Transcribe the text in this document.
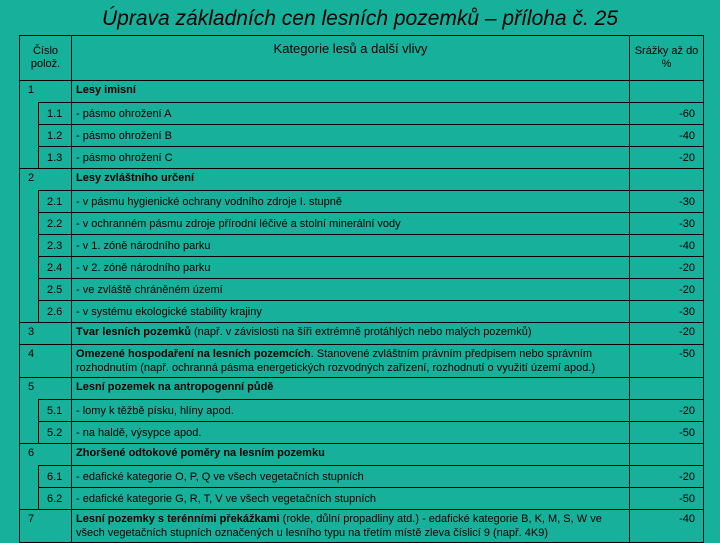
Úprava základních cen lesních pozemků – příloha č. 25
Číslo polož.		Kategorie lesů a další vlivy	Srážky až do %
1		Lesy imisní	
	1.1	- pásmo ohrožení A	-60
	1.2	- pásmo ohrožení B	-40
	1.3	- pásmo ohrožení C	-20
2		Lesy zvláštního určení	
	2.1	- v pásmu hygienické ochrany vodního zdroje I. stupně	-30
	2.2	- v ochranném pásmu zdroje přírodní léčivé a stolní minerální vody	-30
	2.3	- v 1. zóně národního parku	-40
	2.4	- v 2. zóně národního parku	-20
	2.5	- ve zvláště chráněném území	-20
	2.6	- v systému ekologické stability krajiny	-30
3		Tvar lesních pozemků (např. v závislosti na šíři extrémně protáhlých nebo malých pozemků)	-20
4		Omezené hospodaření na lesních pozemcích. Stanovené zvláštním právním předpisem nebo správním rozhodnutím (např. ochranná pásma energetických rozvodných zařízení, rozhodnutí o využití území apod.)	-50
5		Lesní pozemek na antropogenní půdě	
	5.1	- lomy k těžbě písku, hlíny apod.	-20
	5.2	- na haldě, výsypce apod.	-50
6		Zhoršené odtokové poměry na lesním pozemku	
	6.1	- edafické kategorie O, P, Q ve všech vegetačních stupních	-20
	6.2	- edafické kategorie G, R, T, V ve všech vegetačních stupních	-50
7		Lesní pozemky s terénními překážkami (rokle, důlní propadliny atd.) - edafické kategorie B, K, M, S, W ve všech vegetačních stupních označených u lesního typu na třetím místě zleva číslicí 9 (např. 4K9)	-40
